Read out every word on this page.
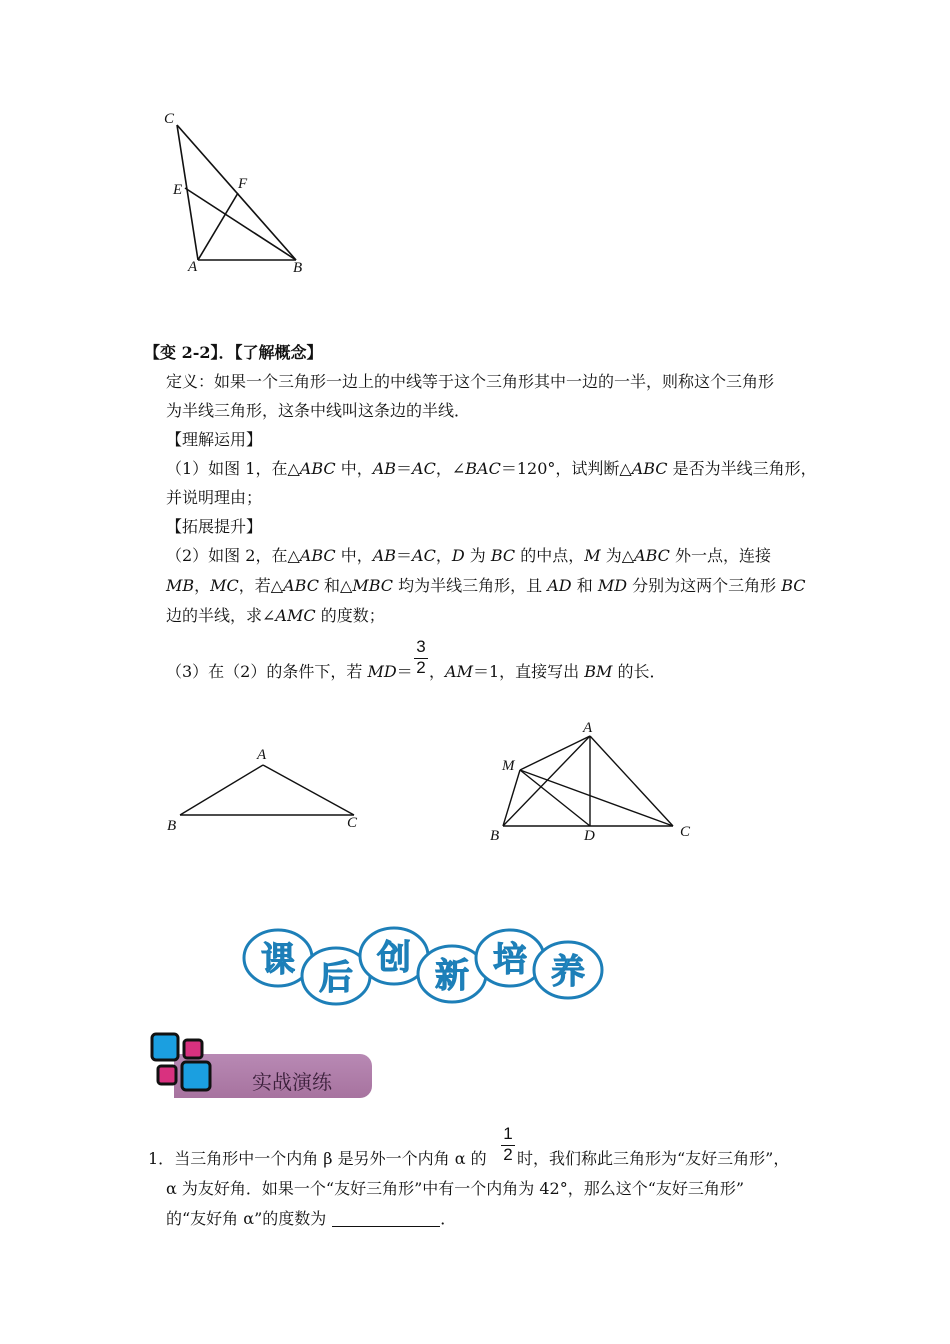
C
E	F
A	B
【变 2-2】．【了解概念】
定义：如果一个三角形一边上的中线等于这个三角形其中一边的一半，则称这个三角形
为半线三角形，这条中线叫这条边的半线．
【理解运用】
（1）如图 1，在△ABC 中，AB＝AC，∠BAC＝120°，试判断△ABC 是否为半线三角形，
并说明理由；
【拓展提升】
（2）如图 2，在△ABC 中，AB＝AC，D 为 BC 的中点，M 为△ABC 外一点，连接
MB，MC，若△ABC 和△MBC 均为半线三角形，且 AD 和 MD 分别为这两个三角形 BC
边的半线，求∠AMC 的度数；
（3）在（2）的条件下，若 MD＝
3
2 ，AM＝1，直接写出 BM 的长．
A
B	C
A
M
B	D	C
课 后 创 新 培 养
实战演练
1．当三角形中一个内角 β 是另外一个内角 α 的
1
2 时，我们称此三角形为“友好三角形”，
α 为友好角．如果一个“友好三角形”中有一个内角为 42°，那么这个“友好三角形”
的“友好角 α”的度数为	．
